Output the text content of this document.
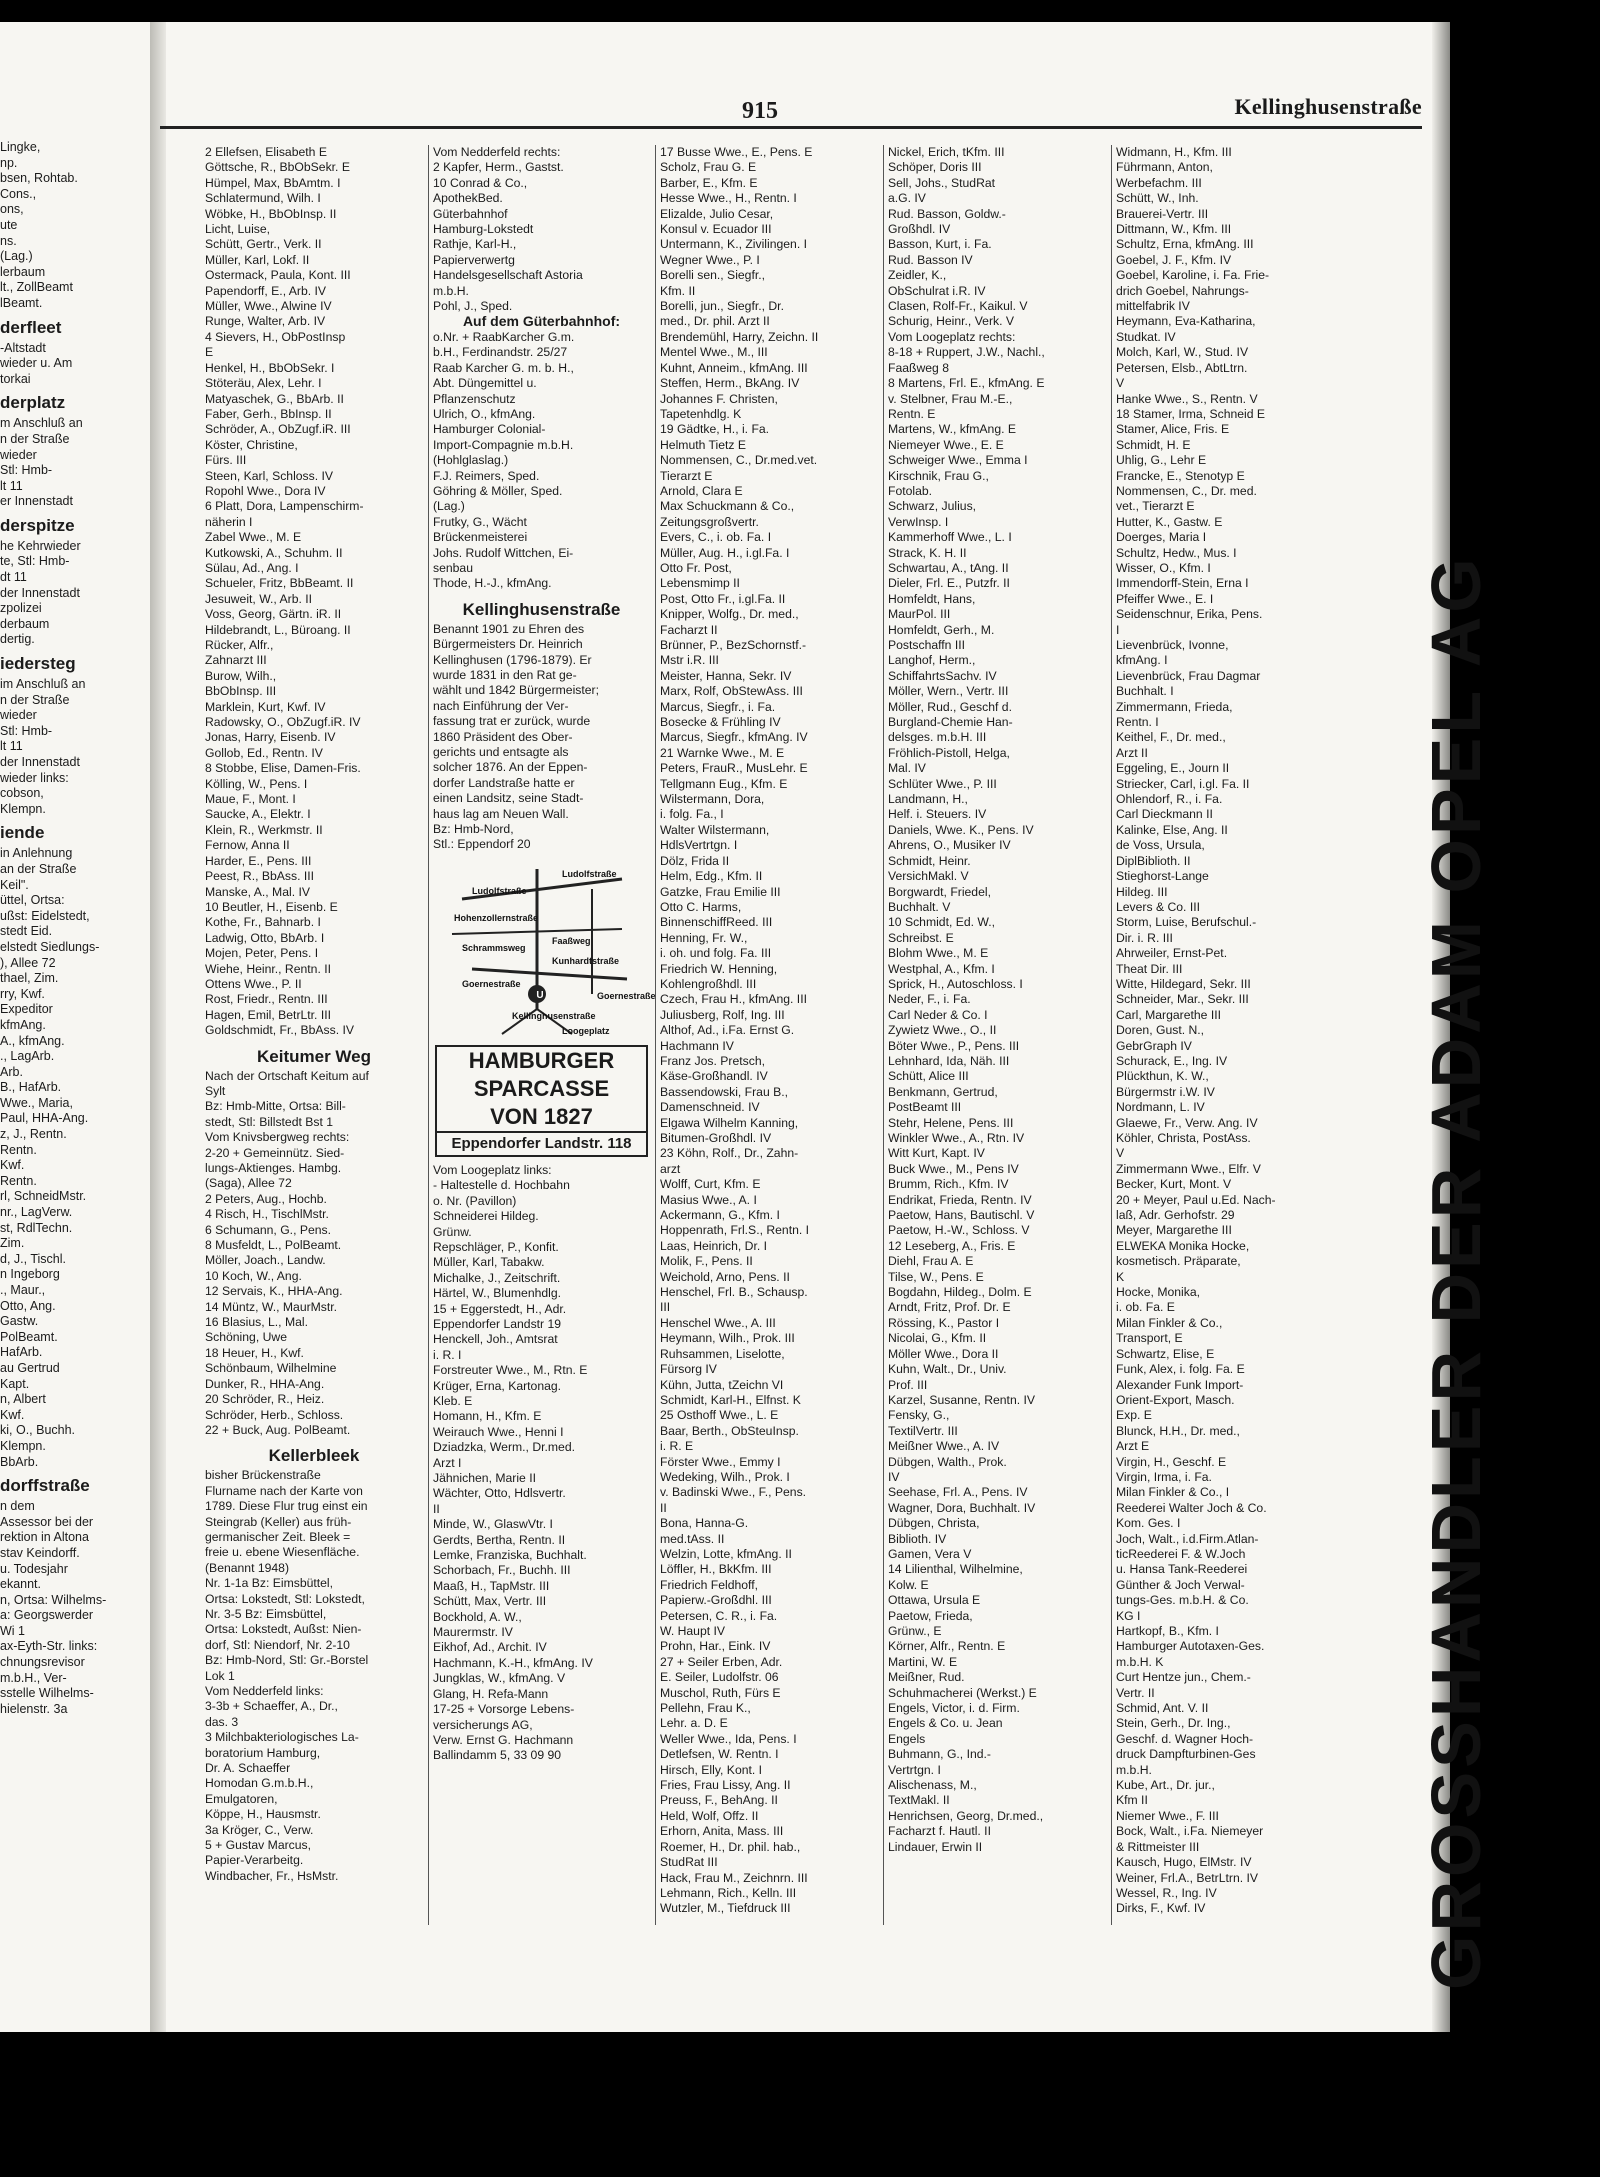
Lingke,
np.
bsen, Rohtab.
Cons.,
ons,
ute
ns.
(Lag.)
lerbaum
lt., ZollBeamt
lBeamt.
derfleet
-Altstadt
wieder u. Am
torkai
derplatz
m Anschluß an
n der Straße
wieder
Stl: Hmb-
lt 11
er Innenstadt
derspitze
he Kehrwieder
te, Stl: Hmb-
dt 11
der Innenstadt
zpolizei
derbaum
dertig.
iedersteg
im Anschluß an
n der Straße
wieder
Stl: Hmb-
lt 11
der Innenstadt
wieder links:
cobson,
Klempn.
iende
in Anlehnung
an der Straße
Keil".
üttel, Ortsa:
ußst: Eidelstedt,
stedt Eid.
elstedt Siedlungs-
), Allee 72
thael, Zim.
rry, Kwf.
Expeditor
kfmAng.
A., kfmAng.
., LagArb.
Arb.
B., HafArb.
Wwe., Maria,
Paul, HHA-Ang.
z, J., Rentn.
Rentn.
Kwf.
Rentn.
rl, SchneidMstr.
nr., LagVerw.
st, RdlTechn.
Zim.
d, J., Tischl.
n Ingeborg
., Maur.,
Otto, Ang.
Gastw.
PolBeamt.
HafArb.
au Gertrud
Kapt.
n, Albert
Kwf.
ki, O., Buchh.
Klempn.
BbArb.
dorffstraße
n dem
Assessor bei der
rektion in Altona
stav Keindorff.
u. Todesjahr
ekannt.
n, Ortsa: Wilhelms-
a: Georgswerder
Wi 1
ax-Eyth-Str. links:
chnungsrevisor
m.b.H., Ver-
sstelle Wilhelms-
hielenstr. 3a
915	Kellinghusenstraße
2 Ellefsen, Elisabeth E
Göttsche, R., BbObSekr. E
Hümpel, Max, BbAmtm. I
Schlatermund, Wilh. I
Wöbke, H., BbObInsp. II
Licht, Luise,
Schütt, Gertr., Verk. II
Müller, Karl, Lokf. II
Ostermack, Paula, Kont. III
Papendorff, E., Arb. IV
Müller, Wwe., Alwine IV
Runge, Walter, Arb. IV
4 Sievers, H., ObPostInsp
E
Henkel, H., BbObSekr. I
Stöteräu, Alex, Lehr. I
Matyaschek, G., BbArb. II
Faber, Gerh., BbInsp. II
Schröder, A., ObZugf.iR. III
Köster, Christine,
Fürs. III
Steen, Karl, Schloss. IV
Ropohl Wwe., Dora IV
6 Platt, Dora, Lampenschirm-
näherin I
Zabel Wwe., M. E
Kutkowski, A., Schuhm. II
Sülau, Ad., Ang. I
Schueler, Fritz, BbBeamt. II
Jesuweit, W., Arb. II
Voss, Georg, Gärtn. iR. II
Hildebrandt, L., Büroang. II
Rücker, Alfr.,
Zahnarzt III
Burow, Wilh.,
BbObInsp. III
Marklein, Kurt, Kwf. IV
Radowsky, O., ObZugf.iR. IV
Jonas, Harry, Eisenb. IV
Gollob, Ed., Rentn. IV
8 Stobbe, Elise, Damen-Fris.
Kölling, W., Pens. I
Maue, F., Mont. I
Saucke, A., Elektr. I
Klein, R., Werkmstr. II
Fernow, Anna II
Harder, E., Pens. III
Peest, R., BbAss. III
Manske, A., Mal. IV
10 Beutler, H., Eisenb. E
Kothe, Fr., Bahnarb. I
Ladwig, Otto, BbArb. I
Mojen, Peter, Pens. I
Wiehe, Heinr., Rentn. II
Ottens Wwe., P. II
Rost, Friedr., Rentn. III
Hagen, Emil, BetrLtr. III
Goldschmidt, Fr., BbAss. IV
Keitumer Weg
Nach der Ortschaft Keitum auf
Sylt
Bz: Hmb-Mitte, Ortsa: Bill-
stedt, Stl: Billstedt Bst 1
Vom Knivsbergweg rechts:
2-20 + Gemeinnütz. Sied-
lungs-Aktienges. Hambg.
(Saga), Allee 72
2 Peters, Aug., Hochb.
4 Risch, H., TischlMstr.
6 Schumann, G., Pens.
8 Musfeldt, L., PolBeamt.
Möller, Joach., Landw.
10 Koch, W., Ang.
12 Servais, K., HHA-Ang.
14 Müntz, W., MaurMstr.
16 Blasius, L., Mal.
Schöning, Uwe
18 Heuer, H., Kwf.
Schönbaum, Wilhelmine
Dunker, R., HHA-Ang.
20 Schröder, R., Heiz.
Schröder, Herb., Schloss.
22 + Buck, Aug. PolBeamt.
Kellerbleek
bisher Brückenstraße
Flurname nach der Karte von
1789. Diese Flur trug einst ein
Steingrab (Keller) aus früh-
germanischer Zeit. Bleek =
freie u. ebene Wiesenfläche.
(Benannt 1948)
Nr. 1-1a Bz: Eimsbüttel,
Ortsa: Lokstedt, Stl: Lokstedt,
Nr. 3-5 Bz: Eimsbüttel,
Ortsa: Lokstedt, Außst: Nien-
dorf, Stl: Niendorf, Nr. 2-10
Bz: Hmb-Nord, Stl: Gr.-Borstel
Lok 1
Vom Nedderfeld links:
3-3b + Schaeffer, A., Dr.,
das. 3
3 Milchbakteriologisches La-
boratorium Hamburg,
Dr. A. Schaeffer
Homodan G.m.b.H.,
Emulgatoren,
Köppe, H., Hausmstr.
3a Kröger, C., Verw.
5 + Gustav Marcus,
Papier-Verarbeitg.
Windbacher, Fr., HsMstr.
Vom Nedderfeld rechts:
2 Kapfer, Herm., Gastst.
10 Conrad & Co.,
ApothekBed.
Güterbahnhof
Hamburg-Lokstedt
Rathje, Karl-H.,
Papierverwertg
Handelsgesellschaft Astoria
m.b.H.
Pohl, J., Sped.
Auf dem Güterbahnhof:
o.Nr. + RaabKarcher G.m.
b.H., Ferdinandstr. 25/27
Raab Karcher G. m. b. H.,
Abt. Düngemittel u.
Pflanzenschutz
Ulrich, O., kfmAng.
Hamburger Colonial-
Import-Compagnie m.b.H.
(Hohlglaslag.)
F.J. Reimers, Sped.
Göhring & Möller, Sped.
(Lag.)
Frutky, G., Wächt
Brückenmeisterei
Johs. Rudolf Wittchen, Ei-
senbau
Thode, H.-J., kfmAng.
Kellinghusenstraße
Benannt 1901 zu Ehren des
Bürgermeisters Dr. Heinrich
Kellinghusen (1796-1879). Er
wurde 1831 in den Rat ge-
wählt und 1842 Bürgermeister;
nach Einführung der Ver-
fassung trat er zurück, wurde
1860 Präsident des Ober-
gerichts und entsagte als
solcher 1876. An der Eppen-
dorfer Landstraße hatte er
einen Landsitz, seine Stadt-
haus lag am Neuen Wall.
Bz: Hmb-Nord,
Stl.: Eppendorf 20
U
Ludolfstraße
Ludolfstraße
Hohenzollernstraße
Schrammsweg
Faaßweg
Kunhardtstraße
Goernestraße
Kellinghusenstraße
Loogeplatz
Goernestraße
HAMBURGER
SPARCASSE
VON 1827
Eppendorfer Landstr. 118
Vom Loogeplatz links:
- Haltestelle d. Hochbahn
o. Nr. (Pavillon)
Schneiderei Hildeg.
Grünw.
Repschläger, P., Konfit.
Müller, Karl, Tabakw.
Michalke, J., Zeitschrift.
Härtel, W., Blumenhdlg.
15 + Eggerstedt, H., Adr.
Eppendorfer Landstr 19
Henckell, Joh., Amtsrat
i. R. I
Forstreuter Wwe., M., Rtn. E
Krüger, Erna, Kartonag.
Kleb. E
Homann, H., Kfm. E
Weirauch Wwe., Henni I
Dziadzka, Werm., Dr.med.
Arzt I
Jähnichen, Marie II
Wächter, Otto, Hdlsvertr.
II
Minde, W., GlaswVtr. I
Gerdts, Bertha, Rentn. II
Lemke, Franziska, Buchhalt.
Schorbach, Fr., Buchh. III
Maaß, H., TapMstr. III
Schütt, Max, Vertr. III
Bockhold, A. W.,
Maurermstr. IV
Eikhof, Ad., Archit. IV
Hachmann, K.-H., kfmAng. IV
Jungklas, W., kfmAng. V
Glang, H. Refa-Mann
17-25 + Vorsorge Lebens-
versicherungs AG,
Verw. Ernst G. Hachmann
Ballindamm 5, 33 09 90
17 Busse Wwe., E., Pens. E
Scholz, Frau G. E
Barber, E., Kfm. E
Hesse Wwe., H., Rentn. I
Elizalde, Julio Cesar,
Konsul v. Ecuador III
Untermann, K., Zivilingen. I
Wegner Wwe., P. I
Borelli sen., Siegfr.,
Kfm. II
Borelli, jun., Siegfr., Dr.
med., Dr. phil. Arzt II
Brendemühl, Harry, Zeichn. II
Mentel Wwe., M., III
Kuhnt, Anneim., kfmAng. III
Steffen, Herm., BkAng. IV
Johannes F. Christen,
Tapetenhdlg. K
19 Gädtke, H., i. Fa.
Helmuth Tietz E
Nommensen, C., Dr.med.vet.
Tierarzt E
Arnold, Clara E
Max Schuckmann & Co.,
Zeitungsgroßvertr.
Evers, C., i. ob. Fa. I
Müller, Aug. H., i.gl.Fa. I
Otto Fr. Post,
Lebensmimp II
Post, Otto Fr., i.gl.Fa. II
Knipper, Wolfg., Dr. med.,
Facharzt II
Brünner, P., BezSchornstf.-
Mstr i.R. III
Meister, Hanna, Sekr. IV
Marx, Rolf, ObStewAss. III
Marcus, Siegfr., i. Fa.
Bosecke & Frühling IV
Marcus, Siegfr., kfmAng. IV
21 Warnke Wwe., M. E
Peters, FrauR., MusLehr. E
Tellgmann Eug., Kfm. E
Wilstermann, Dora,
i. folg. Fa., I
Walter Wilstermann,
HdlsVertrtgn. I
Dölz, Frida II
Helm, Edg., Kfm. II
Gatzke, Frau Emilie III
Otto C. Harms,
BinnenschiffReed. III
Henning, Fr. W.,
i. oh. und folg. Fa. III
Friedrich W. Henning,
Kohlengroßhdl. III
Czech, Frau H., kfmAng. III
Juliusberg, Rolf, Ing. III
Althof, Ad., i.Fa. Ernst G.
Hachmann IV
Franz Jos. Pretsch,
Käse-Großhandl. IV
Bassendowski, Frau B.,
Damenschneid. IV
Elgawa Wilhelm Kanning,
Bitumen-Großhdl. IV
23 Köhn, Rolf., Dr., Zahn-
arzt
Wolff, Curt, Kfm. E
Masius Wwe., A. I
Ackermann, G., Kfm. I
Hoppenrath, Frl.S., Rentn. I
Laas, Heinrich, Dr. I
Molik, F., Pens. II
Weichold, Arno, Pens. II
Henschel, Frl. B., Schausp.
III
Henschel Wwe., A. III
Heymann, Wilh., Prok. III
Ruhsammen, Liselotte,
Fürsorg IV
Kühn, Jutta, tZeichn VI
Schmidt, Karl-H., Elfnst. K
25 Osthoff Wwe., L. E
Baar, Berth., ObSteuInsp.
i. R. E
Förster Wwe., Emmy I
Wedeking, Wilh., Prok. I
v. Badinski Wwe., F., Pens.
II
Bona, Hanna-G.
med.tAss. II
Welzin, Lotte, kfmAng. II
Löffler, H., BkKfm. III
Friedrich Feldhoff,
Papierw.-Großdhl. III
Petersen, C. R., i. Fa.
W. Haupt IV
Prohn, Har., Eink. IV
27 + Seiler Erben, Adr.
E. Seiler, Ludolfstr. 06
Muschol, Ruth, Fürs E
Pellehn, Frau K.,
Lehr. a. D. E
Weller Wwe., Ida, Pens. I
Detlefsen, W. Rentn. I
Hirsch, Elly, Kont. I
Fries, Frau Lissy, Ang. II
Preuss, F., BehAng. II
Held, Wolf, Offz. II
Erhorn, Anita, Mass. III
Roemer, H., Dr. phil. hab.,
StudRat III
Hack, Frau M., Zeichnrn. III
Lehmann, Rich., Kelln. III
Wutzler, M., Tiefdruck III
Nickel, Erich, tKfm. III
Schöper, Doris III
Sell, Johs., StudRat
a.G. IV
Rud. Basson, Goldw.-
Großhdl. IV
Basson, Kurt, i. Fa.
Rud. Basson IV
Zeidler, K.,
ObSchulrat i.R. IV
Clasen, Rolf-Fr., Kaikul. V
Schurig, Heinr., Verk. V
Vom Loogeplatz rechts:
8-18 + Ruppert, J.W., Nachl.,
Faaßweg 8
8 Martens, Frl. E., kfmAng. E
v. Stelbner, Frau M.-E.,
Rentn. E
Martens, W., kfmAng. E
Niemeyer Wwe., E. E
Schweiger Wwe., Emma I
Kirschnik, Frau G.,
Fotolab.
Schwarz, Julius,
VerwInsp. I
Kammerhoff Wwe., L. I
Strack, K. H. II
Schwartau, A., tAng. II
Dieler, Frl. E., Putzfr. II
Homfeldt, Hans,
MaurPol. III
Homfeldt, Gerh., M.
Postschaffn III
Langhof, Herm.,
SchiffahrtsSachv. IV
Möller, Wern., Vertr. III
Möller, Rud., Geschf d.
Burgland-Chemie Han-
delsges. m.b.H. III
Fröhlich-Pistoll, Helga,
Mal. IV
Schlüter Wwe., P. III
Landmann, H.,
Helf. i. Steuers. IV
Daniels, Wwe. K., Pens. IV
Ahrens, O., Musiker IV
Schmidt, Heinr.
VersichMakl. V
Borgwardt, Friedel,
Buchhalt. V
10 Schmidt, Ed. W.,
Schreibst. E
Blohm Wwe., M. E
Westphal, A., Kfm. I
Sprick, H., Autoschloss. I
Neder, F., i. Fa.
Carl Neder & Co. I
Zywietz Wwe., O., II
Böter Wwe., P., Pens. III
Lehnhard, Ida, Näh. III
Schütt, Alice III
Benkmann, Gertrud,
PostBeamt III
Stehr, Helene, Pens. III
Winkler Wwe., A., Rtn. IV
Witt Kurt, Kapt. IV
Buck Wwe., M., Pens IV
Brumm, Rich., Kfm. IV
Endrikat, Frieda, Rentn. IV
Paetow, Hans, Bautischl. V
Paetow, H.-W., Schloss. V
12 Leseberg, A., Fris. E
Diehl, Frau A. E
Tilse, W., Pens. E
Bogdahn, Hildeg., Dolm. E
Arndt, Fritz, Prof. Dr. E
Rössing, K., Pastor I
Nicolai, G., Kfm. II
Möller Wwe., Dora II
Kuhn, Walt., Dr., Univ.
Prof. III
Karzel, Susanne, Rentn. IV
Fensky, G.,
TextilVertr. III
Meißner Wwe., A. IV
Dübgen, Walth., Prok.
IV
Seehase, Frl. A., Pens. IV
Wagner, Dora, Buchhalt. IV
Dübgen, Christa,
Biblioth. IV
Gamen, Vera V
14 Lilienthal, Wilhelmine,
Kolw. E
Ottawa, Ursula E
Paetow, Frieda,
Grünw., E
Körner, Alfr., Rentn. E
Martini, W. E
Meißner, Rud.
Schuhmacherei (Werkst.) E
Engels, Victor, i. d. Firm.
Engels & Co. u. Jean
Engels
Buhmann, G., Ind.-
Vertrtgn. I
Alischenass, M.,
TextMakl. II
Henrichsen, Georg, Dr.med.,
Facharzt f. Hautl. II
Lindauer, Erwin II
Widmann, H., Kfm. III
Führmann, Anton,
Werbefachm. III
Schütt, W., Inh.
Brauerei-Vertr. III
Dittmann, W., Kfm. III
Schultz, Erna, kfmAng. III
Goebel, J. F., Kfm. IV
Goebel, Karoline, i. Fa. Frie-
drich Goebel, Nahrungs-
mittelfabrik IV
Heymann, Eva-Katharina,
Studkat. IV
Molch, Karl, W., Stud. IV
Petersen, Elsb., AbtLtrn.
V
Hanke Wwe., S., Rentn. V
18 Stamer, Irma, Schneid E
Stamer, Alice, Fris. E
Schmidt, H. E
Uhlig, G., Lehr E
Francke, E., Stenotyp E
Nommensen, C., Dr. med.
vet., Tierarzt E
Hutter, K., Gastw. E
Doerges, Maria I
Schultz, Hedw., Mus. I
Wisser, O., Kfm. I
Immendorff-Stein, Erna I
Pfeiffer Wwe., E. I
Seidenschnur, Erika, Pens.
I
Lievenbrück, Ivonne,
kfmAng. I
Lievenbrück, Frau Dagmar
Buchhalt. I
Zimmermann, Frieda,
Rentn. I
Keithel, F., Dr. med.,
Arzt II
Eggeling, E., Journ II
Striecker, Carl, i.gl. Fa. II
Ohlendorf, R., i. Fa.
Carl Dieckmann II
Kalinke, Else, Ang. II
de Voss, Ursula,
DiplBiblioth. II
Stieghorst-Lange
Hildeg. III
Levers & Co. III
Storm, Luise, Berufschul.-
Dir. i. R. III
Ahrweiler, Ernst-Pet.
Theat Dir. III
Witte, Hildegard, Sekr. III
Schneider, Mar., Sekr. III
Carl, Margarethe III
Doren, Gust. N.,
GebrGraph IV
Schurack, E., Ing. IV
Plückthun, K. W.,
Bürgermstr i.W. IV
Nordmann, L. IV
Glaewe, Fr., Verw. Ang. IV
Köhler, Christa, PostAss.
V
Zimmermann Wwe., Elfr. V
Becker, Kurt, Mont. V
20 + Meyer, Paul u.Ed. Nach-
laß, Adr. Gerhofstr. 29
Meyer, Margarethe III
ELWEKA Monika Hocke,
kosmetisch. Präparate,
K
Hocke, Monika,
i. ob. Fa. E
Milan Finkler & Co.,
Transport, E
Schwartz, Elise, E
Funk, Alex, i. folg. Fa. E
Alexander Funk Import-
Orient-Export, Masch.
Exp. E
Blunck, H.H., Dr. med.,
Arzt E
Virgin, H., Geschf. E
Virgin, Irma, i. Fa.
Milan Finkler & Co., I
Reederei Walter Joch & Co.
Kom. Ges. I
Joch, Walt., i.d.Firm.Atlan-
ticReederei F. & W.Joch
u. Hansa Tank-Reederei
Günther & Joch Verwal-
tungs-Ges. m.b.H. & Co.
KG I
Hartkopf, B., Kfm. I
Hamburger Autotaxen-Ges.
m.b.H. K
Curt Hentze jun., Chem.-
Vertr. II
Schmid, Ant. V. II
Stein, Gerh., Dr. Ing.,
Geschf. d. Wagner Hoch-
druck Dampfturbinen-Ges
m.b.H.
Kube, Art., Dr. jur.,
Kfm II
Niemer Wwe., F. III
Bock, Walt., i.Fa. Niemeyer
& Rittmeister III
Kausch, Hugo, ElMstr. IV
Weiner, Frl.A., BetrLtrn. IV
Wessel, R., Ing. IV
Dirks, F., Kwf. IV	GROSSHANDLER DER ADAM OPEL AG
